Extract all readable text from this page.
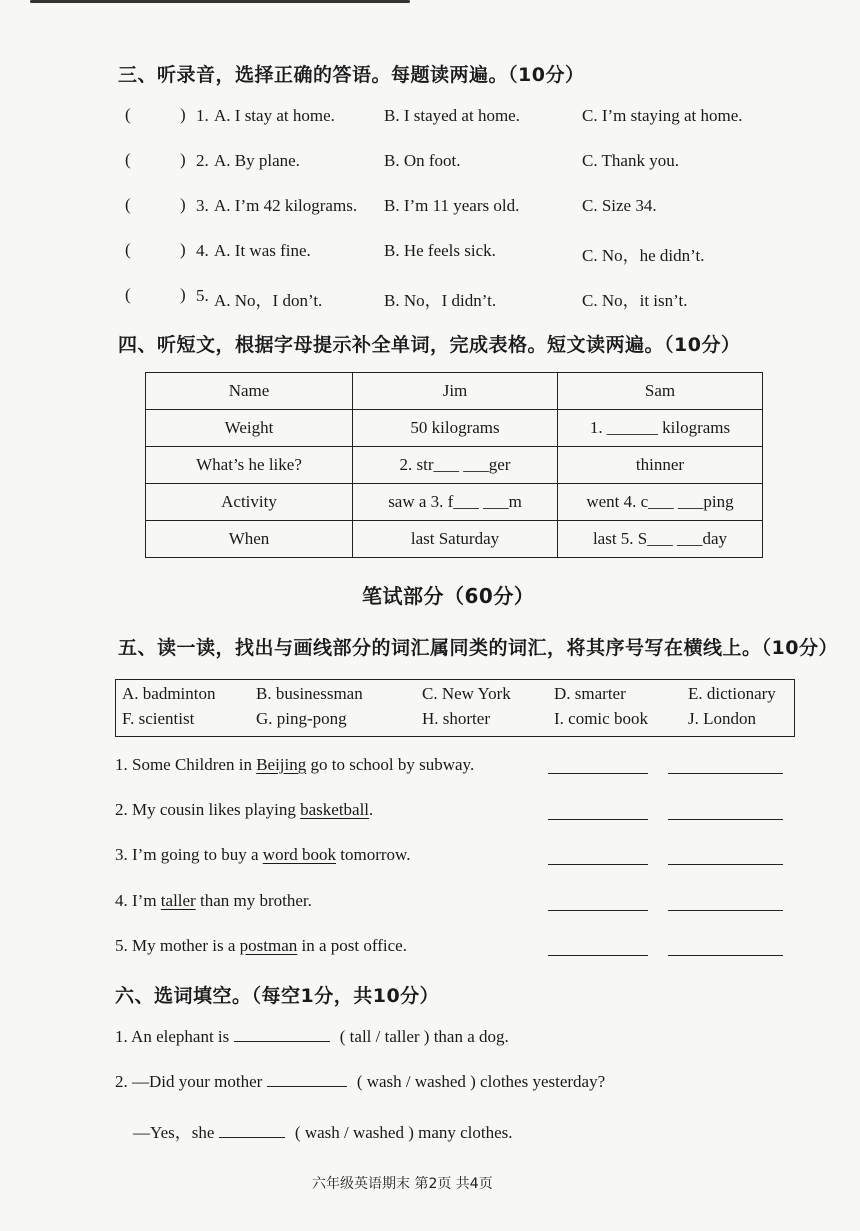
三、听录音，选择正确的答语。每题读两遍。（10分）
(	) 1. A. I stay at home.	B. I stayed at home.	C. I’m staying at home.
(	) 2. A. By plane.	B. On foot.	C. Thank you.
(	) 3. A. I’m 42 kilograms. B. I’m 11 years old.	C. Size 34.
(	) 4. A. It was fine.	B. He feels sick.	C. No，he didn’t.
(	) 5. A. No，I don’t.	B. No，I didn’t.	C. No，it isn’t.
四、听短文，根据字母提示补全单词，完成表格。短文读两遍。（10分）
Name	Jim	Sam
Weight	50 kilograms	1. ______ kilograms
What’s he like?	2. str___ ___ger	thinner
Activity	saw a 3. f___ ___m	went 4. c___ ___ping
When	last Saturday	last 5. S___ ___day
笔试部分（60分）
五、读一读，找出与画线部分的词汇属同类的词汇，将其序号写在横线上。（10分）
A. badminton B. businessman	C. New York	D. smarter	E. dictionary
F. scientist	G. ping-pong	H. shorter	I. comic book J. London
1. Some Children in Beijing go to school by subway.
2. My cousin likes playing basketball.
3. I’m going to buy a word book tomorrow.
4. I’m taller than my brother.
5. My mother is a postman in a post office.
六、选词填空。（每空1分，共10分）
1. An elephant is	( tall / taller ) than a dog.
2. —Did your mother	( wash / washed ) clothes yesterday?
—Yes，she	( wash / washed ) many clothes.
六年级英语期末 第2页 共4页
